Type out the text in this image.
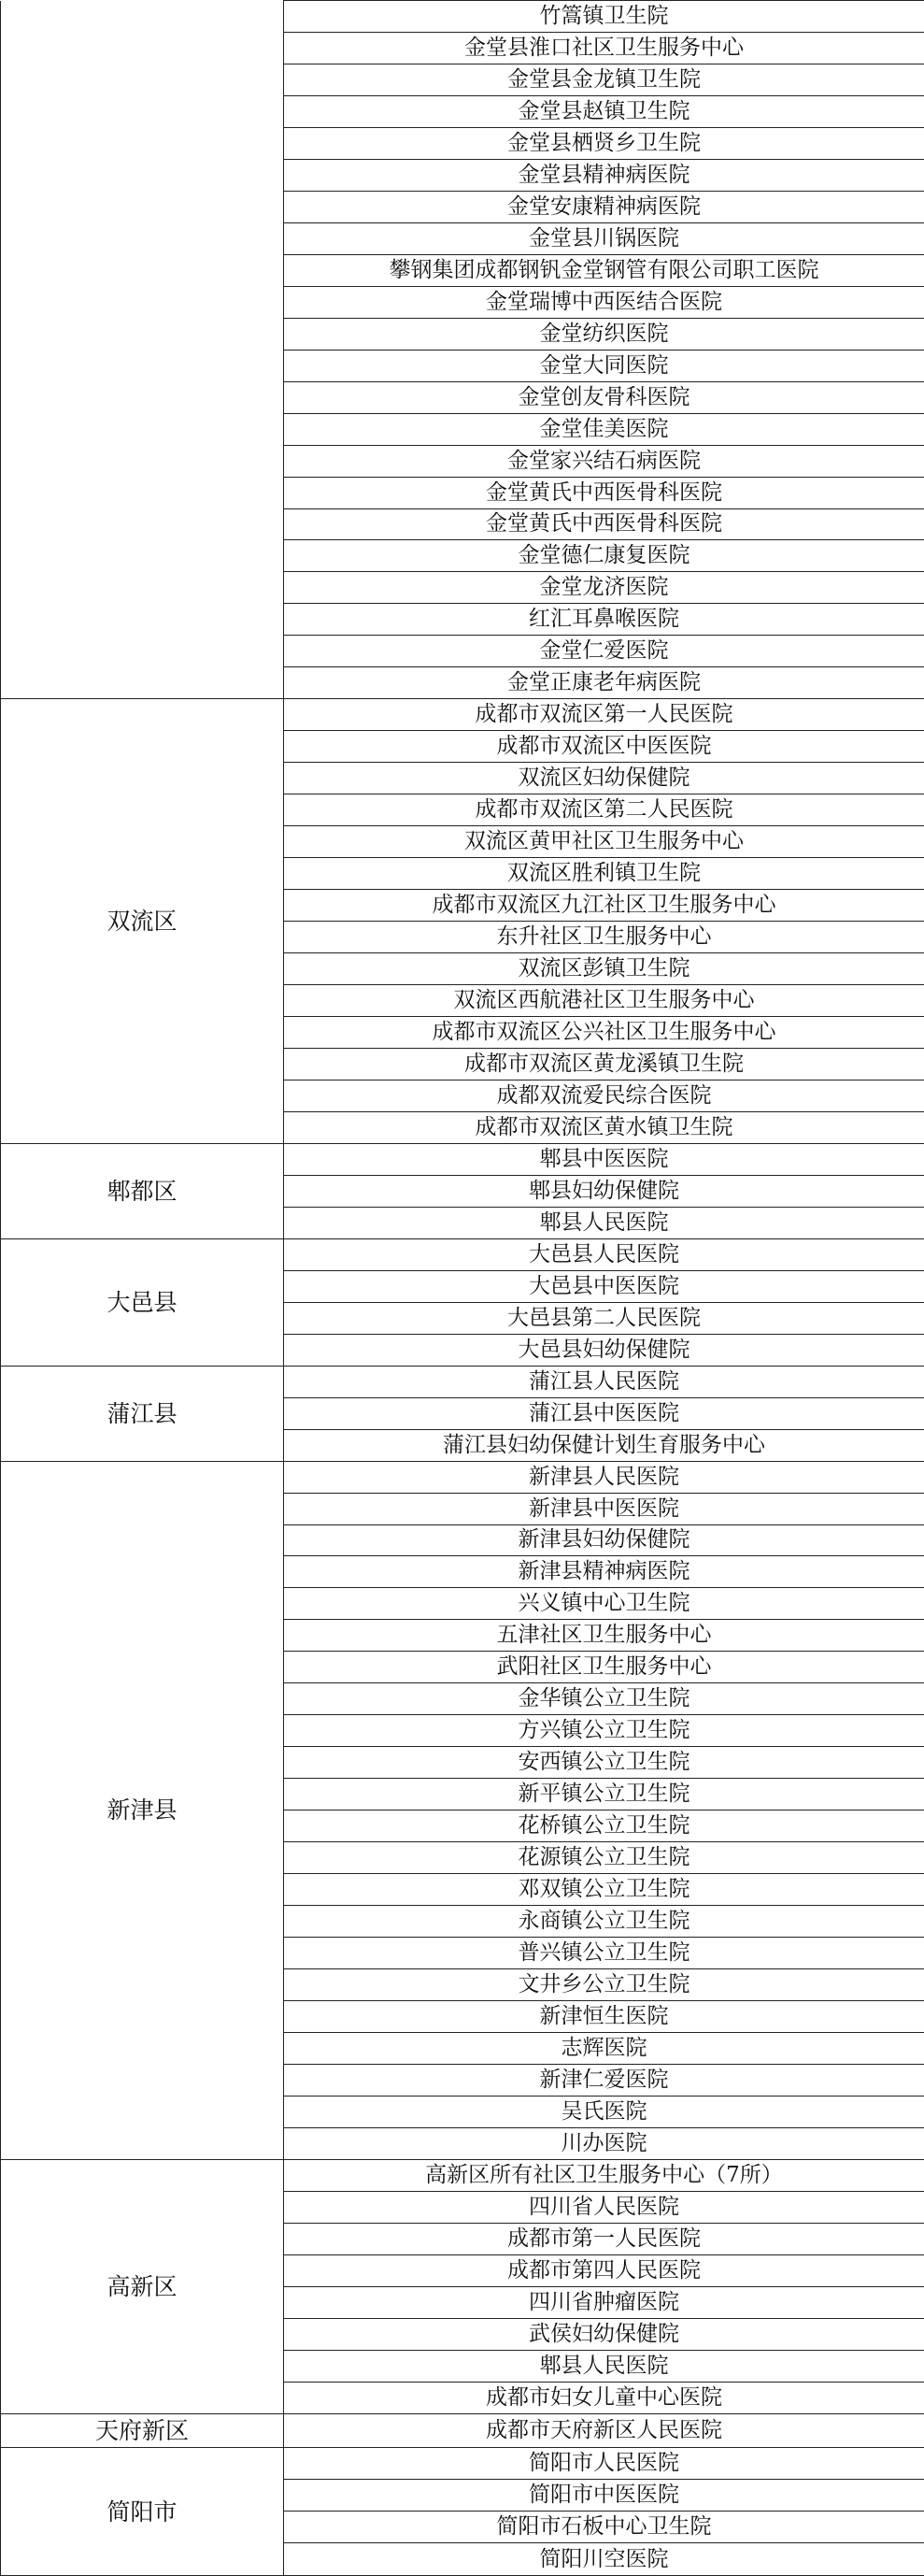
	竹篙镇卫生院
	金堂县淮口社区卫生服务中心
	金堂县金龙镇卫生院
	金堂县赵镇卫生院
	金堂县栖贤乡卫生院
	金堂县精神病医院
	金堂安康精神病医院
	金堂县川锅医院
	攀钢集团成都钢钒金堂钢管有限公司职工医院
	金堂瑞博中西医结合医院
	金堂纺织医院
	金堂大同医院
	金堂创友骨科医院
	金堂佳美医院
	金堂家兴结石病医院
	金堂黄氏中西医骨科医院
	金堂黄氏中西医骨科医院
	金堂德仁康复医院
	金堂龙济医院
	红汇耳鼻喉医院
	金堂仁爱医院
	金堂正康老年病医院
双流区	成都市双流区第一人民医院
	成都市双流区中医医院
	双流区妇幼保健院
	成都市双流区第二人民医院
	双流区黄甲社区卫生服务中心
	双流区胜利镇卫生院
	成都市双流区九江社区卫生服务中心
	东升社区卫生服务中心
	双流区彭镇卫生院
	双流区西航港社区卫生服务中心
	成都市双流区公兴社区卫生服务中心
	成都市双流区黄龙溪镇卫生院
	成都双流爱民综合医院
	成都市双流区黄水镇卫生院
郫都区	郫县中医医院
	郫县妇幼保健院
	郫县人民医院
大邑县	大邑县人民医院
	大邑县中医医院
	大邑县第二人民医院
	大邑县妇幼保健院
蒲江县	蒲江县人民医院
	蒲江县中医医院
	蒲江县妇幼保健计划生育服务中心
新津县	新津县人民医院
	新津县中医医院
	新津县妇幼保健院
	新津县精神病医院
	兴义镇中心卫生院
	五津社区卫生服务中心
	武阳社区卫生服务中心
	金华镇公立卫生院
	方兴镇公立卫生院
	安西镇公立卫生院
	新平镇公立卫生院
	花桥镇公立卫生院
	花源镇公立卫生院
	邓双镇公立卫生院
	永商镇公立卫生院
	普兴镇公立卫生院
	文井乡公立卫生院
	新津恒生医院
	志辉医院
	新津仁爱医院
	吴氏医院
	川办医院
高新区	高新区所有社区卫生服务中心（7所）
	四川省人民医院
	成都市第一人民医院
	成都市第四人民医院
	四川省肿瘤医院
	武侯妇幼保健院
	郫县人民医院
	成都市妇女儿童中心医院
天府新区	成都市天府新区人民医院
简阳市	简阳市人民医院
	简阳市中医医院
	简阳市石板中心卫生院
	简阳川空医院
